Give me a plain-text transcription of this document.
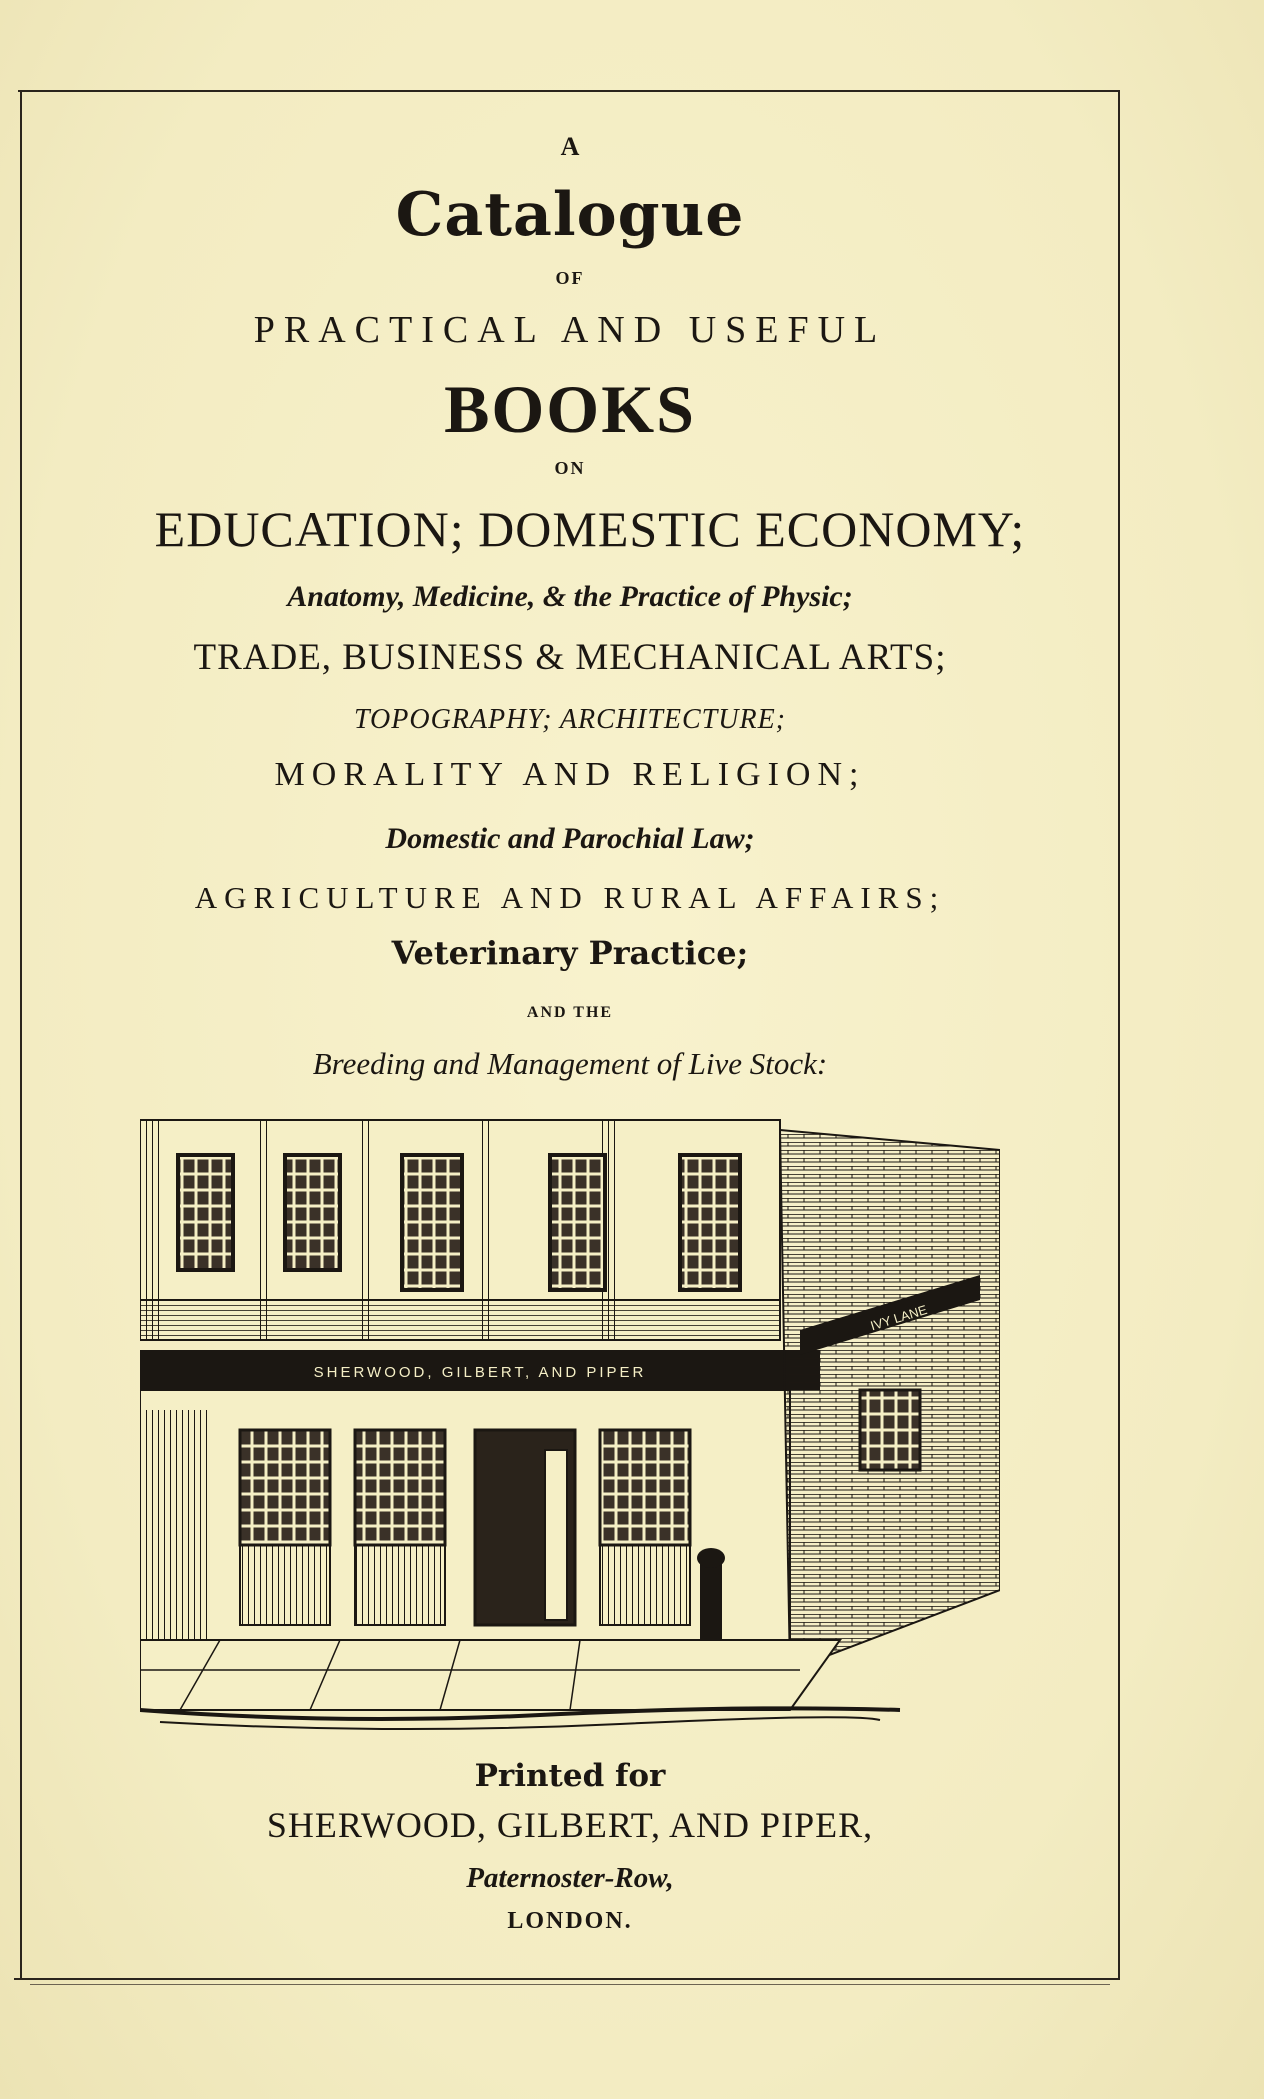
A
Catalogue
OF
PRACTICAL AND USEFUL
BOOKS
ON
EDUCATION; DOMESTIC ECONOMY;
Anatomy, Medicine, & the Practice of Physic;
TRADE, BUSINESS & MECHANICAL ARTS;
TOPOGRAPHY; ARCHITECTURE;
MORALITY AND RELIGION;
Domestic and Parochial Law;
AGRICULTURE AND RURAL AFFAIRS;
Veterinary Practice;
AND THE
Breeding and Management of Live Stock:
SHERWOOD, GILBERT, AND PIPER
IVY LANE
Printed for
SHERWOOD, GILBERT, AND PIPER,
Paternoster-Row,
LONDON.
